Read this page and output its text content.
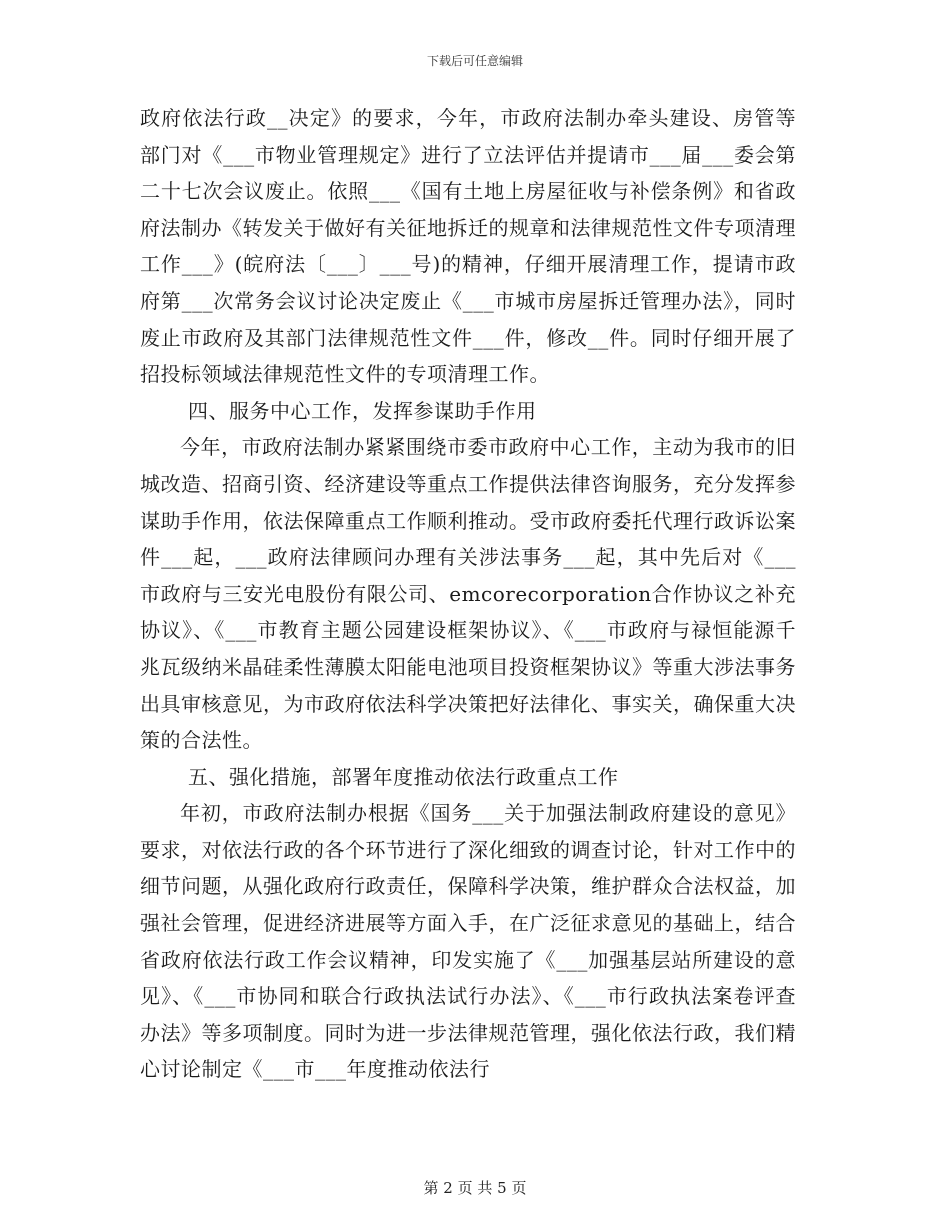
下载后可任意编辑

政府依法行政__决定》的要求，今年，市政府法制办牵头建设、房管等部门对《___市物业管理规定》进行了立法评估并提请市___届___委会第二十七次会议废止。依照___《国有土地上房屋征收与补偿条例》和省政府法制办《转发关于做好有关征地拆迁的规章和法律规范性文件专项清理工作___》(皖府法〔___〕___号)的精神，仔细开展清理工作，提请市政府第___次常务会议讨论决定废止《___市城市房屋拆迁管理办法》，同时废止市政府及其部门法律规范性文件___件，修改__件。同时仔细开展了招投标领域法律规范性文件的专项清理工作。

四、服务中心工作，发挥参谋助手作用

今年，市政府法制办紧紧围绕市委市政府中心工作，主动为我市的旧城改造、招商引资、经济建设等重点工作提供法律咨询服务，充分发挥参谋助手作用，依法保障重点工作顺利推动。受市政府委托代理行政诉讼案件___起，___政府法律顾问办理有关涉法事务___起，其中先后对《___市政府与三安光电股份有限公司、emcorecorporation合作协议之补充协议》、《___市教育主题公园建设框架协议》、《___市政府与禄恒能源千兆瓦级纳米晶硅柔性薄膜太阳能电池项目投资框架协议》等重大涉法事务出具审核意见，为市政府依法科学决策把好法律化、事实关，确保重大决策的合法性。

五、强化措施，部署年度推动依法行政重点工作

年初，市政府法制办根据《国务___关于加强法制政府建设的意见》要求，对依法行政的各个环节进行了深化细致的调查讨论，针对工作中的细节问题，从强化政府行政责任，保障科学决策，维护群众合法权益，加强社会管理，促进经济进展等方面入手，在广泛征求意见的基础上，结合省政府依法行政工作会议精神，印发实施了《___加强基层站所建设的意见》、《___市协同和联合行政执法试行办法》、《___市行政执法案卷评查办法》等多项制度。同时为进一步法律规范管理，强化依法行政，我们精心讨论制定《___市___年度推动依法行

第 2 页 共 5 页
